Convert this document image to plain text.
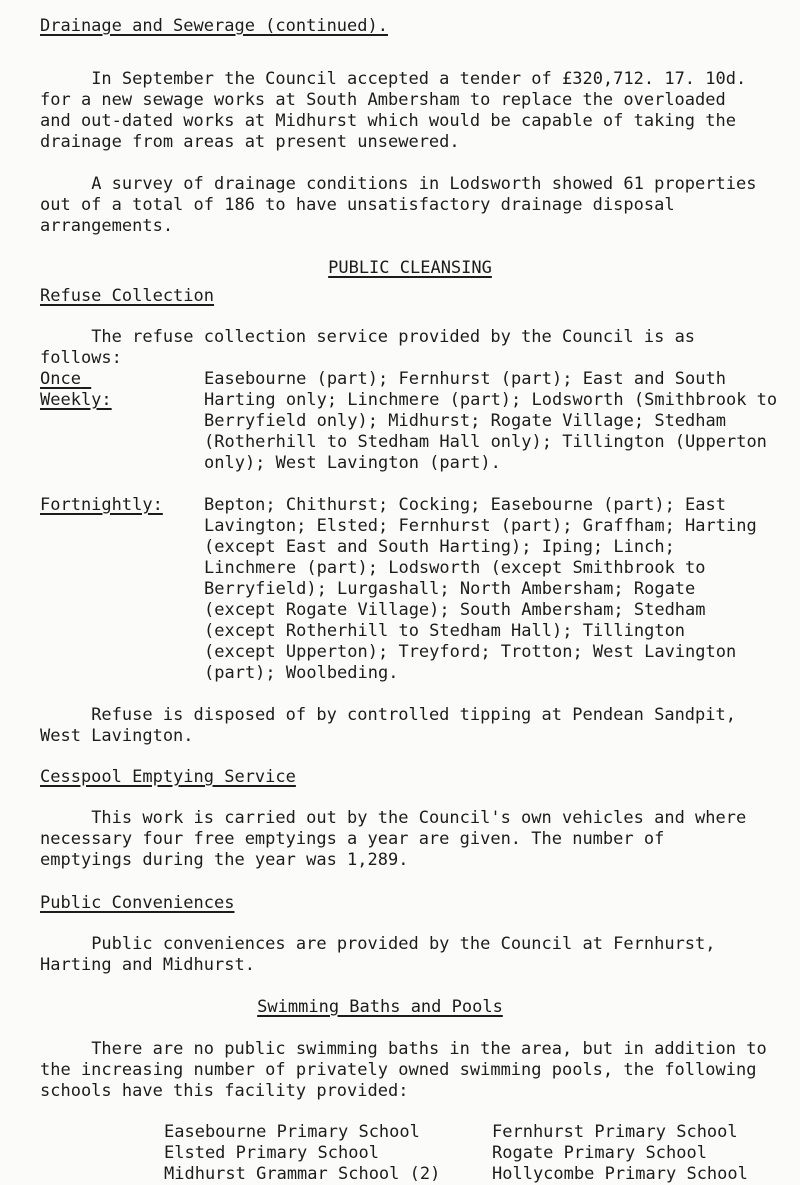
Drainage and Sewerage (continued).

In September the Council accepted a tender of £320,712. 17. 10d.
for a new sewage works at South Ambersham to replace the overloaded
and out-dated works at Midhurst which would be capable of taking the
drainage from areas at present unsewered.

A survey of drainage conditions in Lodsworth showed 61 properties
out of a total of 186 to have unsatisfactory drainage disposal
arrangements.

PUBLIC CLEANSING

Refuse Collection

The refuse collection service provided by the Council is as follows:

Once Weekly:

Easebourne (part); Fernhurst (part); East and South
Harting only; Linchmere (part); Lodsworth (Smithbrook to
Berryfield only); Midhurst; Rogate Village; Stedham
(Rotherhill to Stedham Hall only); Tillington (Upperton
only); West Lavington (part).

Fortnightly: Bepton; Chithurst; Cocking; Easebourne (part); East
Lavington; Elsted; Fernhurst (part); Graffham; Harting
(except East and South Harting); Iping; Linch;
Linchmere (part); Lodsworth (except Smithbrook to
Berryfield); Lurgashall; North Ambersham; Rogate
(except Rogate Village); South Ambersham; Stedham
(except Rotherhill to Stedham Hall); Tillington
(except Upperton); Treyford; Trotton; West Lavington
(part); Woolbeding.

Refuse is disposed of by controlled tipping at Pendean Sandpit,
West Lavington.

Cesspool Emptying Service

This work is carried out by the Council's own vehicles and where
necessary four free emptyings a year are given. The number of
emptyings during the year was 1,289.

Public Conveniences

Public conveniences are provided by the Council at Fernhurst,
Harting and Midhurst.

Swimming Baths and Pools

There are no public swimming baths in the area, but in addition to
the increasing number of privately owned swimming pools, the following
schools have this facility provided:

Easebourne Primary School
Elsted Primary School
Midhurst Grammar School (2)
Fernhurst Primary School
Rogate Primary School
Hollycombe Primary School
